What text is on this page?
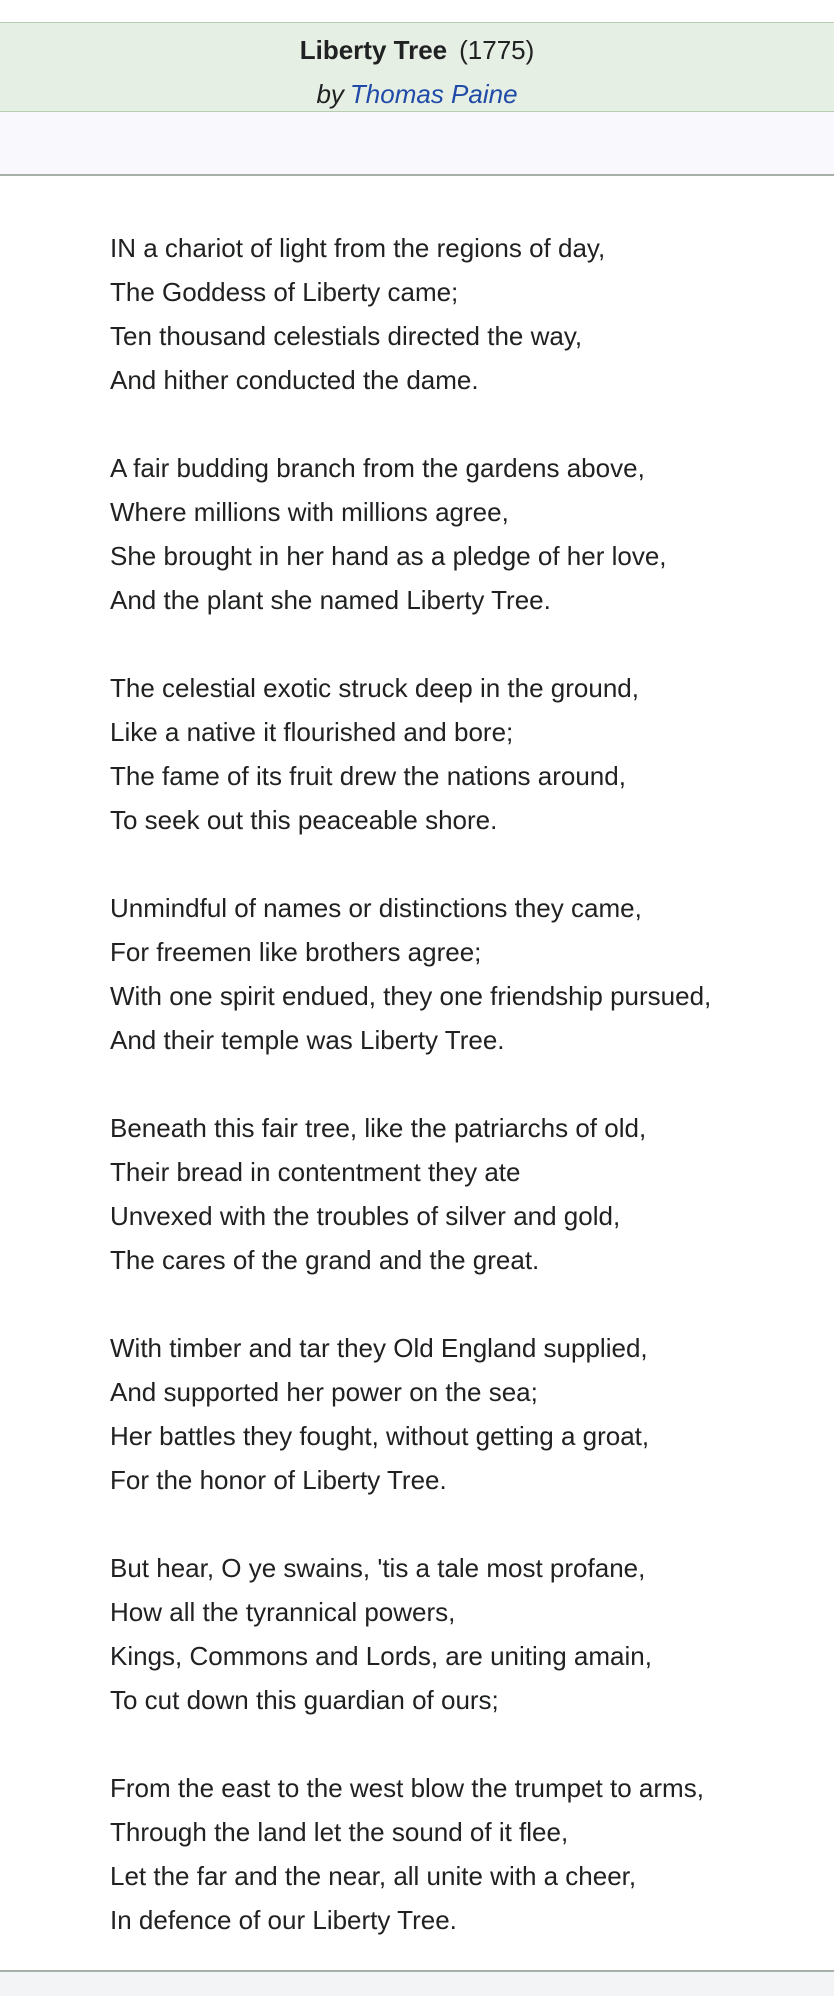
Liberty Tree (1775)
by Thomas Paine
IN a chariot of light from the regions of day,
The Goddess of Liberty came;
Ten thousand celestials directed the way,
And hither conducted the dame.
A fair budding branch from the gardens above,
Where millions with millions agree,
She brought in her hand as a pledge of her love,
And the plant she named Liberty Tree.
The celestial exotic struck deep in the ground,
Like a native it flourished and bore;
The fame of its fruit drew the nations around,
To seek out this peaceable shore.
Unmindful of names or distinctions they came,
For freemen like brothers agree;
With one spirit endued, they one friendship pursued,
And their temple was Liberty Tree.
Beneath this fair tree, like the patriarchs of old,
Their bread in contentment they ate
Unvexed with the troubles of silver and gold,
The cares of the grand and the great.
With timber and tar they Old England supplied,
And supported her power on the sea;
Her battles they fought, without getting a groat,
For the honor of Liberty Tree.
But hear, O ye swains, 'tis a tale most profane,
How all the tyrannical powers,
Kings, Commons and Lords, are uniting amain,
To cut down this guardian of ours;
From the east to the west blow the trumpet to arms,
Through the land let the sound of it flee,
Let the far and the near, all unite with a cheer,
In defence of our Liberty Tree.
